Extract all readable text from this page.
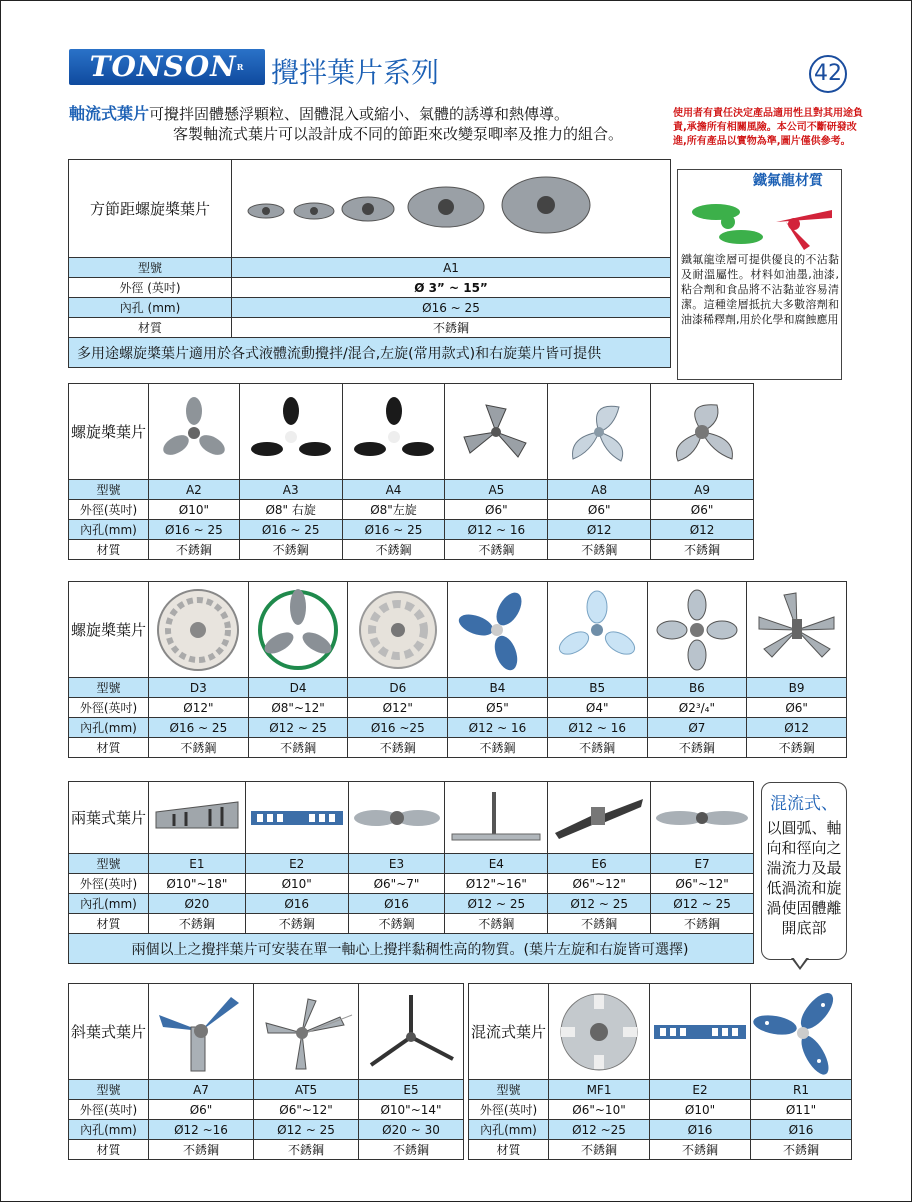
TONSONR 攪拌葉片系列	42
軸流式葉片可攪拌固體懸浮顆粒、固體混入或縮小、氣體的誘導和熱傳導。
客製軸流式葉片可以設計成不同的節距來改變泵唧率及推力的組合。
使用者有責任決定產品適用性且對其用途負責,承擔所有相關風險。本公司不斷研發改進,所有產品以實物為準,圖片僅供參考。
方節距螺旋槳葉片	

型號	A1
外徑 (英吋)	Ø 3” ~ 15”
內孔 (mm)	Ø16 ~ 25
材質	不銹鋼
多用途螺旋槳葉片適用於各式液體流動攪拌/混合,左旋(常用款式)和右旋葉片皆可提供	
鐵氟龍材質
鐵氟龍塗層可提供優良的不沾黏及耐溫屬性。材料如油墨,油漆,粘合劑和食品將不沾黏並容易清潔。這種塗層抵抗大多數溶劑和油漆稀釋劑,用於化學和腐蝕應用
螺旋槳葉片	

型號	A2	A3	A4	A5	A8	A9
外徑(英吋)	Ø10"	Ø8" 右旋	Ø8"左旋	Ø6"	Ø6"	Ø6"
內孔(mm)	Ø16 ~ 25	Ø16 ~ 25	Ø16 ~ 25	Ø12 ~ 16	Ø12	Ø12
材質	不銹鋼	不銹鋼	不銹鋼	不銹鋼	不銹鋼	不銹鋼
螺旋槳葉片	

型號	D3	D4	D6	B4	B5	B6	B9
外徑(英吋)	Ø12"	Ø8"~12"	Ø12"	Ø5"	Ø4"	Ø2³/₄"	Ø6"
內孔(mm)	Ø16 ~ 25	Ø12 ~ 25	Ø16 ~25	Ø12 ~ 16	Ø12 ~ 16	Ø7	Ø12
材質	不銹鋼	不銹鋼	不銹鋼	不銹鋼	不銹鋼	不銹鋼	不銹鋼
兩葉式葉片	

型號	E1	E2	E3	E4	E6	E7
外徑(英吋)	Ø10"~18"	Ø10"	Ø6"~7"	Ø12"~16"	Ø6"~12"	Ø6"~12"
內孔(mm)	Ø20	Ø16	Ø16	Ø12 ~ 25	Ø12 ~ 25	Ø12 ~ 25
材質	不銹鋼	不銹鋼	不銹鋼	不銹鋼	不銹鋼	不銹鋼
兩個以上之攪拌葉片可安裝在單一軸心上攪拌黏稠性高的物質。(葉片左旋和右旋皆可選擇)						
混流式、
以圓弧、軸向和徑向之湍流力及最低渦流和旋渦使固體離開底部
斜葉式葉片	

型號	A7	AT5	E5
外徑(英吋)	Ø6"	Ø6"~12"	Ø10"~14"
內孔(mm)	Ø12 ~16	Ø12 ~ 25	Ø20 ~ 30
材質	不銹鋼	不銹鋼	不銹鋼
混流式葉片	

型號	MF1	E2	R1
外徑(英吋)	Ø6"~10"	Ø10"	Ø11"
內孔(mm)	Ø12 ~25	Ø16	Ø16
材質	不銹鋼	不銹鋼	不銹鋼
